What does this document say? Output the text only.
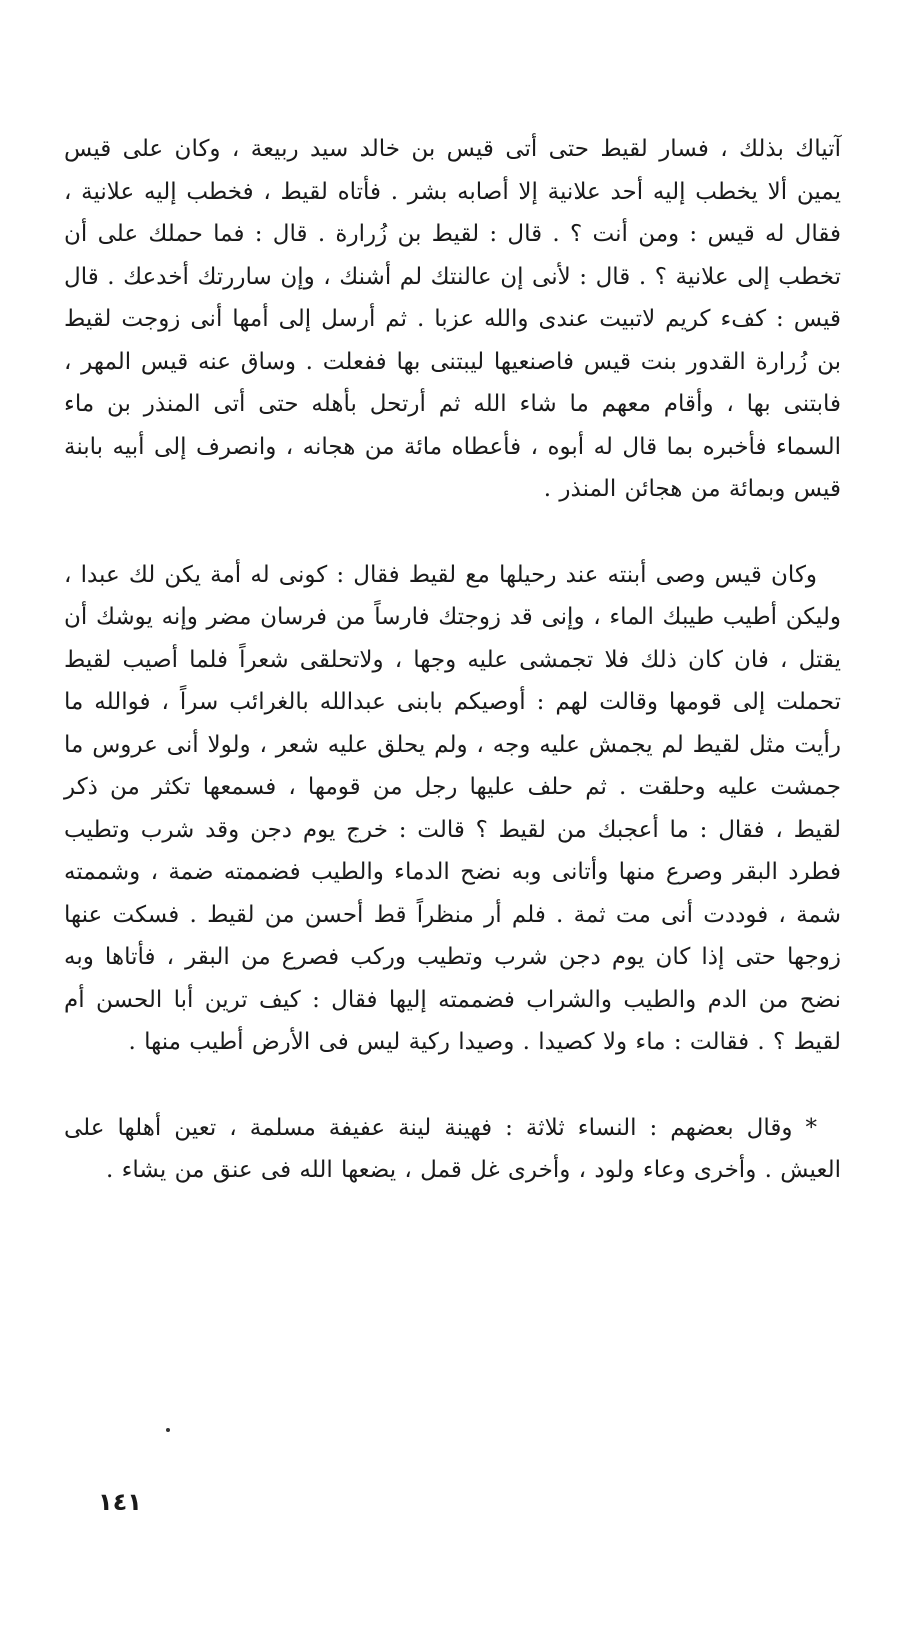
آتياك بذلك ، فسار لقيط حتى أتى قيس بن خالد سيد ربيعة ، وكان على قيس يمين ألا يخطب إليه أحد علانية إلا أصابه بشر . فأتاه لقيط ، فخطب إليه علانية ، فقال له قيس : ومن أنت ؟ . قال : لقيط بن زُرارة . قال : فما حملك على أن تخطب إلى علانية ؟ . قال : لأنى إن عالنتك لم أشنك ، وإن ساررتك أخدعك . قال قيس : كفء كريم لاتبيت عندى والله عزبا . ثم أرسل إلى أمها أنى زوجت لقيط بن زُرارة القدور بنت قيس فاصنعيها ليبتنى بها ففعلت . وساق عنه قيس المهر ، فابتنى بها ، وأقام معهم ما شاء الله ثم أرتحل بأهله حتى أتى المنذر بن ماء السماء فأخبره بما قال له أبوه ، فأعطاه مائة من هجانه ، وانصرف إلى أبيه بابنة قيس وبمائة من هجائن المنذر .

وكان قيس وصى أبنته عند رحيلها مع لقيط فقال : كونى له أمة يكن لك عبدا ، وليكن أطيب طيبك الماء ، وإنى قد زوجتك فارساً من فرسان مضر وإنه يوشك أن يقتل ، فان كان ذلك فلا تجمشى عليه وجها ، ولاتحلقى شعراً فلما أصيب لقيط تحملت إلى قومها وقالت لهم : أوصيكم بابنى عبدالله بالغرائب سراً ، فوالله ما رأيت مثل لقيط لم يجمش عليه وجه ، ولم يحلق عليه شعر ، ولولا أنى عروس ما جمشت عليه وحلقت . ثم حلف عليها رجل من قومها ، فسمعها تكثر من ذكر لقيط ، فقال : ما أعجبك من لقيط ؟ قالت : خرج يوم دجن وقد شرب وتطيب فطرد البقر وصرع منها وأتانى وبه نضح الدماء والطيب فضممته ضمة ، وشممته شمة ، فوددت أنى مت ثمة . فلم أر منظراً قط أحسن من لقيط . فسكت عنها زوجها حتى إذا كان يوم دجن شرب وتطيب وركب فصرع من البقر ، فأتاها وبه نضح من الدم والطيب والشراب فضممته إليها فقال : كيف ترين أبا الحسن أم لقيط ؟ . فقالت : ماء ولا كصيدا . وصيدا ركية ليس فى الأرض أطيب منها .

* وقال بعضهم : النساء ثلاثة : فهينة لينة عفيفة مسلمة ، تعين أهلها على العيش . وأخرى وعاء ولود ، وأخرى غل قمل ، يضعها الله فى عنق من يشاء .

١٤١
